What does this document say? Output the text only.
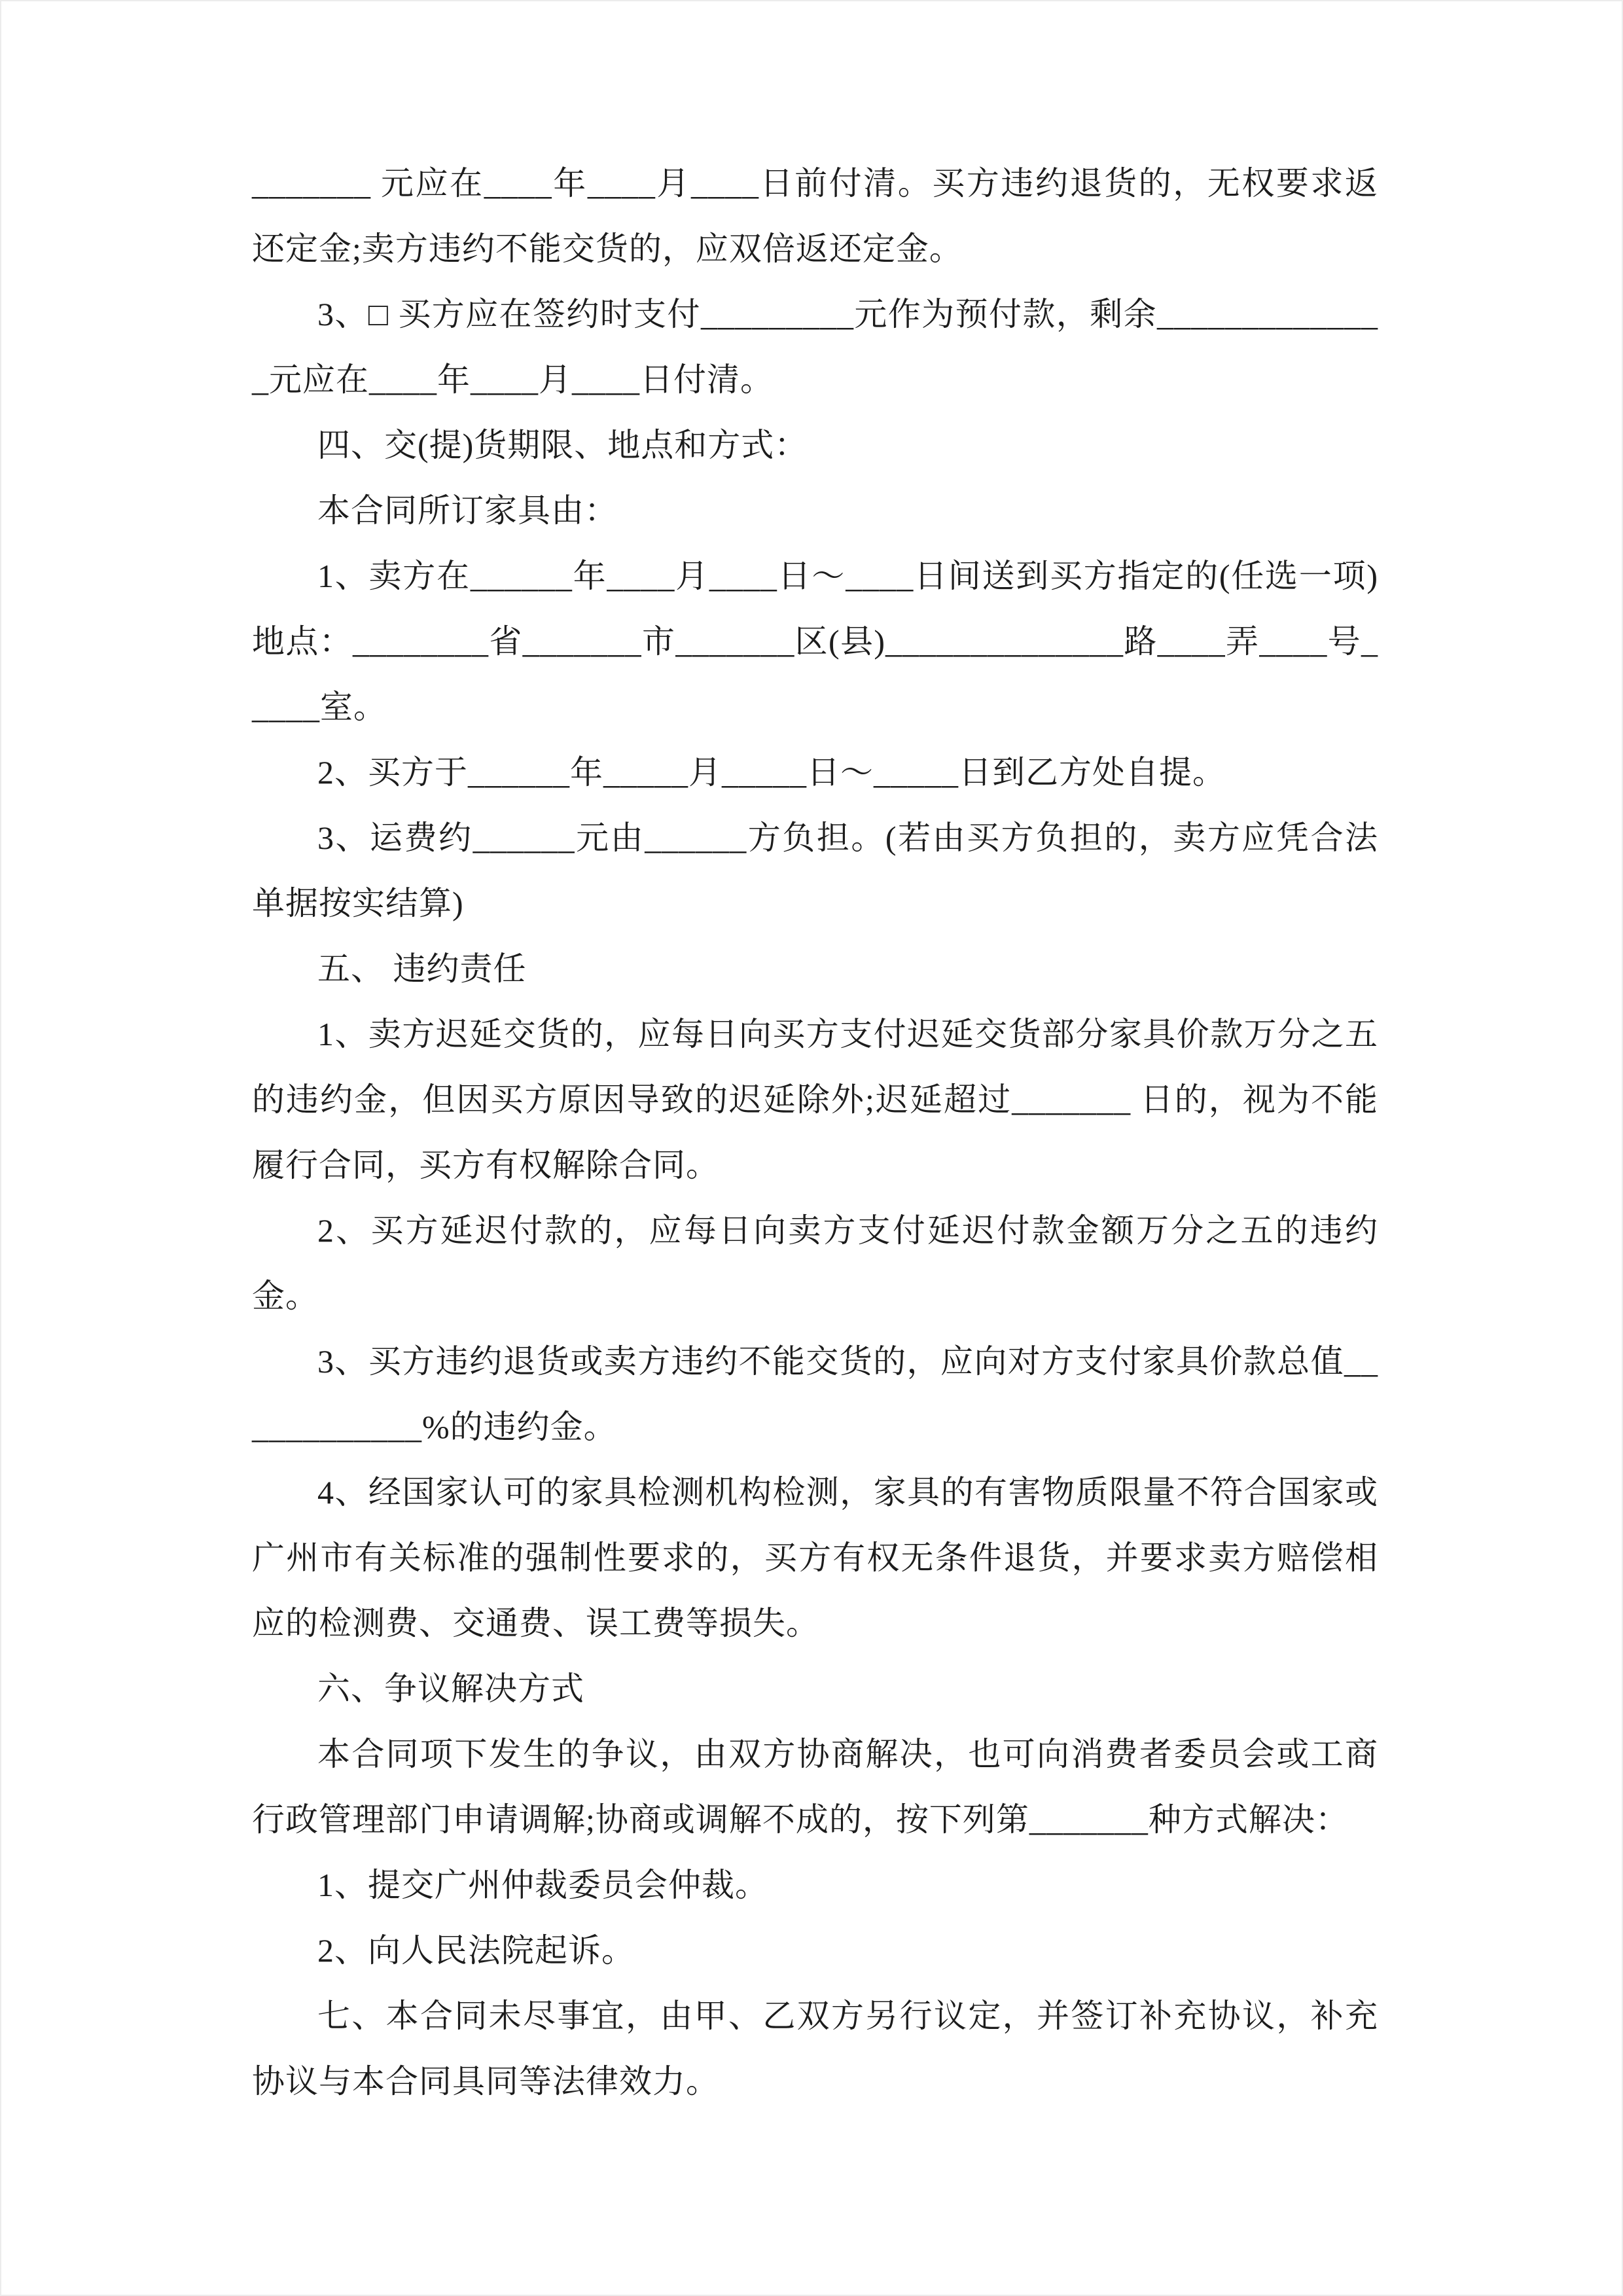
_______ 元应在____年____月____日前付清。买方违约退货的，无权要求返还定金;卖方违约不能交货的，应双倍返还定金。

3、□ 买方应在签约时支付_________元作为预付款，剩余______________元应在____年____月____日付清。

四、交(提)货期限、地点和方式：

本合同所订家具由：

1、卖方在______年____月____日～____日间送到买方指定的(任选一项)地点：________省_______市_______区(县)______________路____弄____号_____室。

2、买方于______年_____月_____日～_____日到乙方处自提。

3、运费约______元由______方负担。(若由买方负担的，卖方应凭合法单据按实结算)

五、 违约责任

1、卖方迟延交货的，应每日向买方支付迟延交货部分家具价款万分之五的违约金，但因买方原因导致的迟延除外;迟延超过_______ 日的，视为不能履行合同，买方有权解除合同。

2、买方延迟付款的，应每日向卖方支付延迟付款金额万分之五的违约金。

3、买方违约退货或卖方违约不能交货的，应向对方支付家具价款总值____________%的违约金。

4、经国家认可的家具检测机构检测，家具的有害物质限量不符合国家或广州市有关标准的强制性要求的，买方有权无条件退货，并要求卖方赔偿相应的检测费、交通费、误工费等损失。

六、争议解决方式

本合同项下发生的争议，由双方协商解决，也可向消费者委员会或工商行政管理部门申请调解;协商或调解不成的，按下列第_______种方式解决：

1、提交广州仲裁委员会仲裁。

2、向人民法院起诉。

七、本合同未尽事宜，由甲、乙双方另行议定，并签订补充协议，补充协议与本合同具同等法律效力。
